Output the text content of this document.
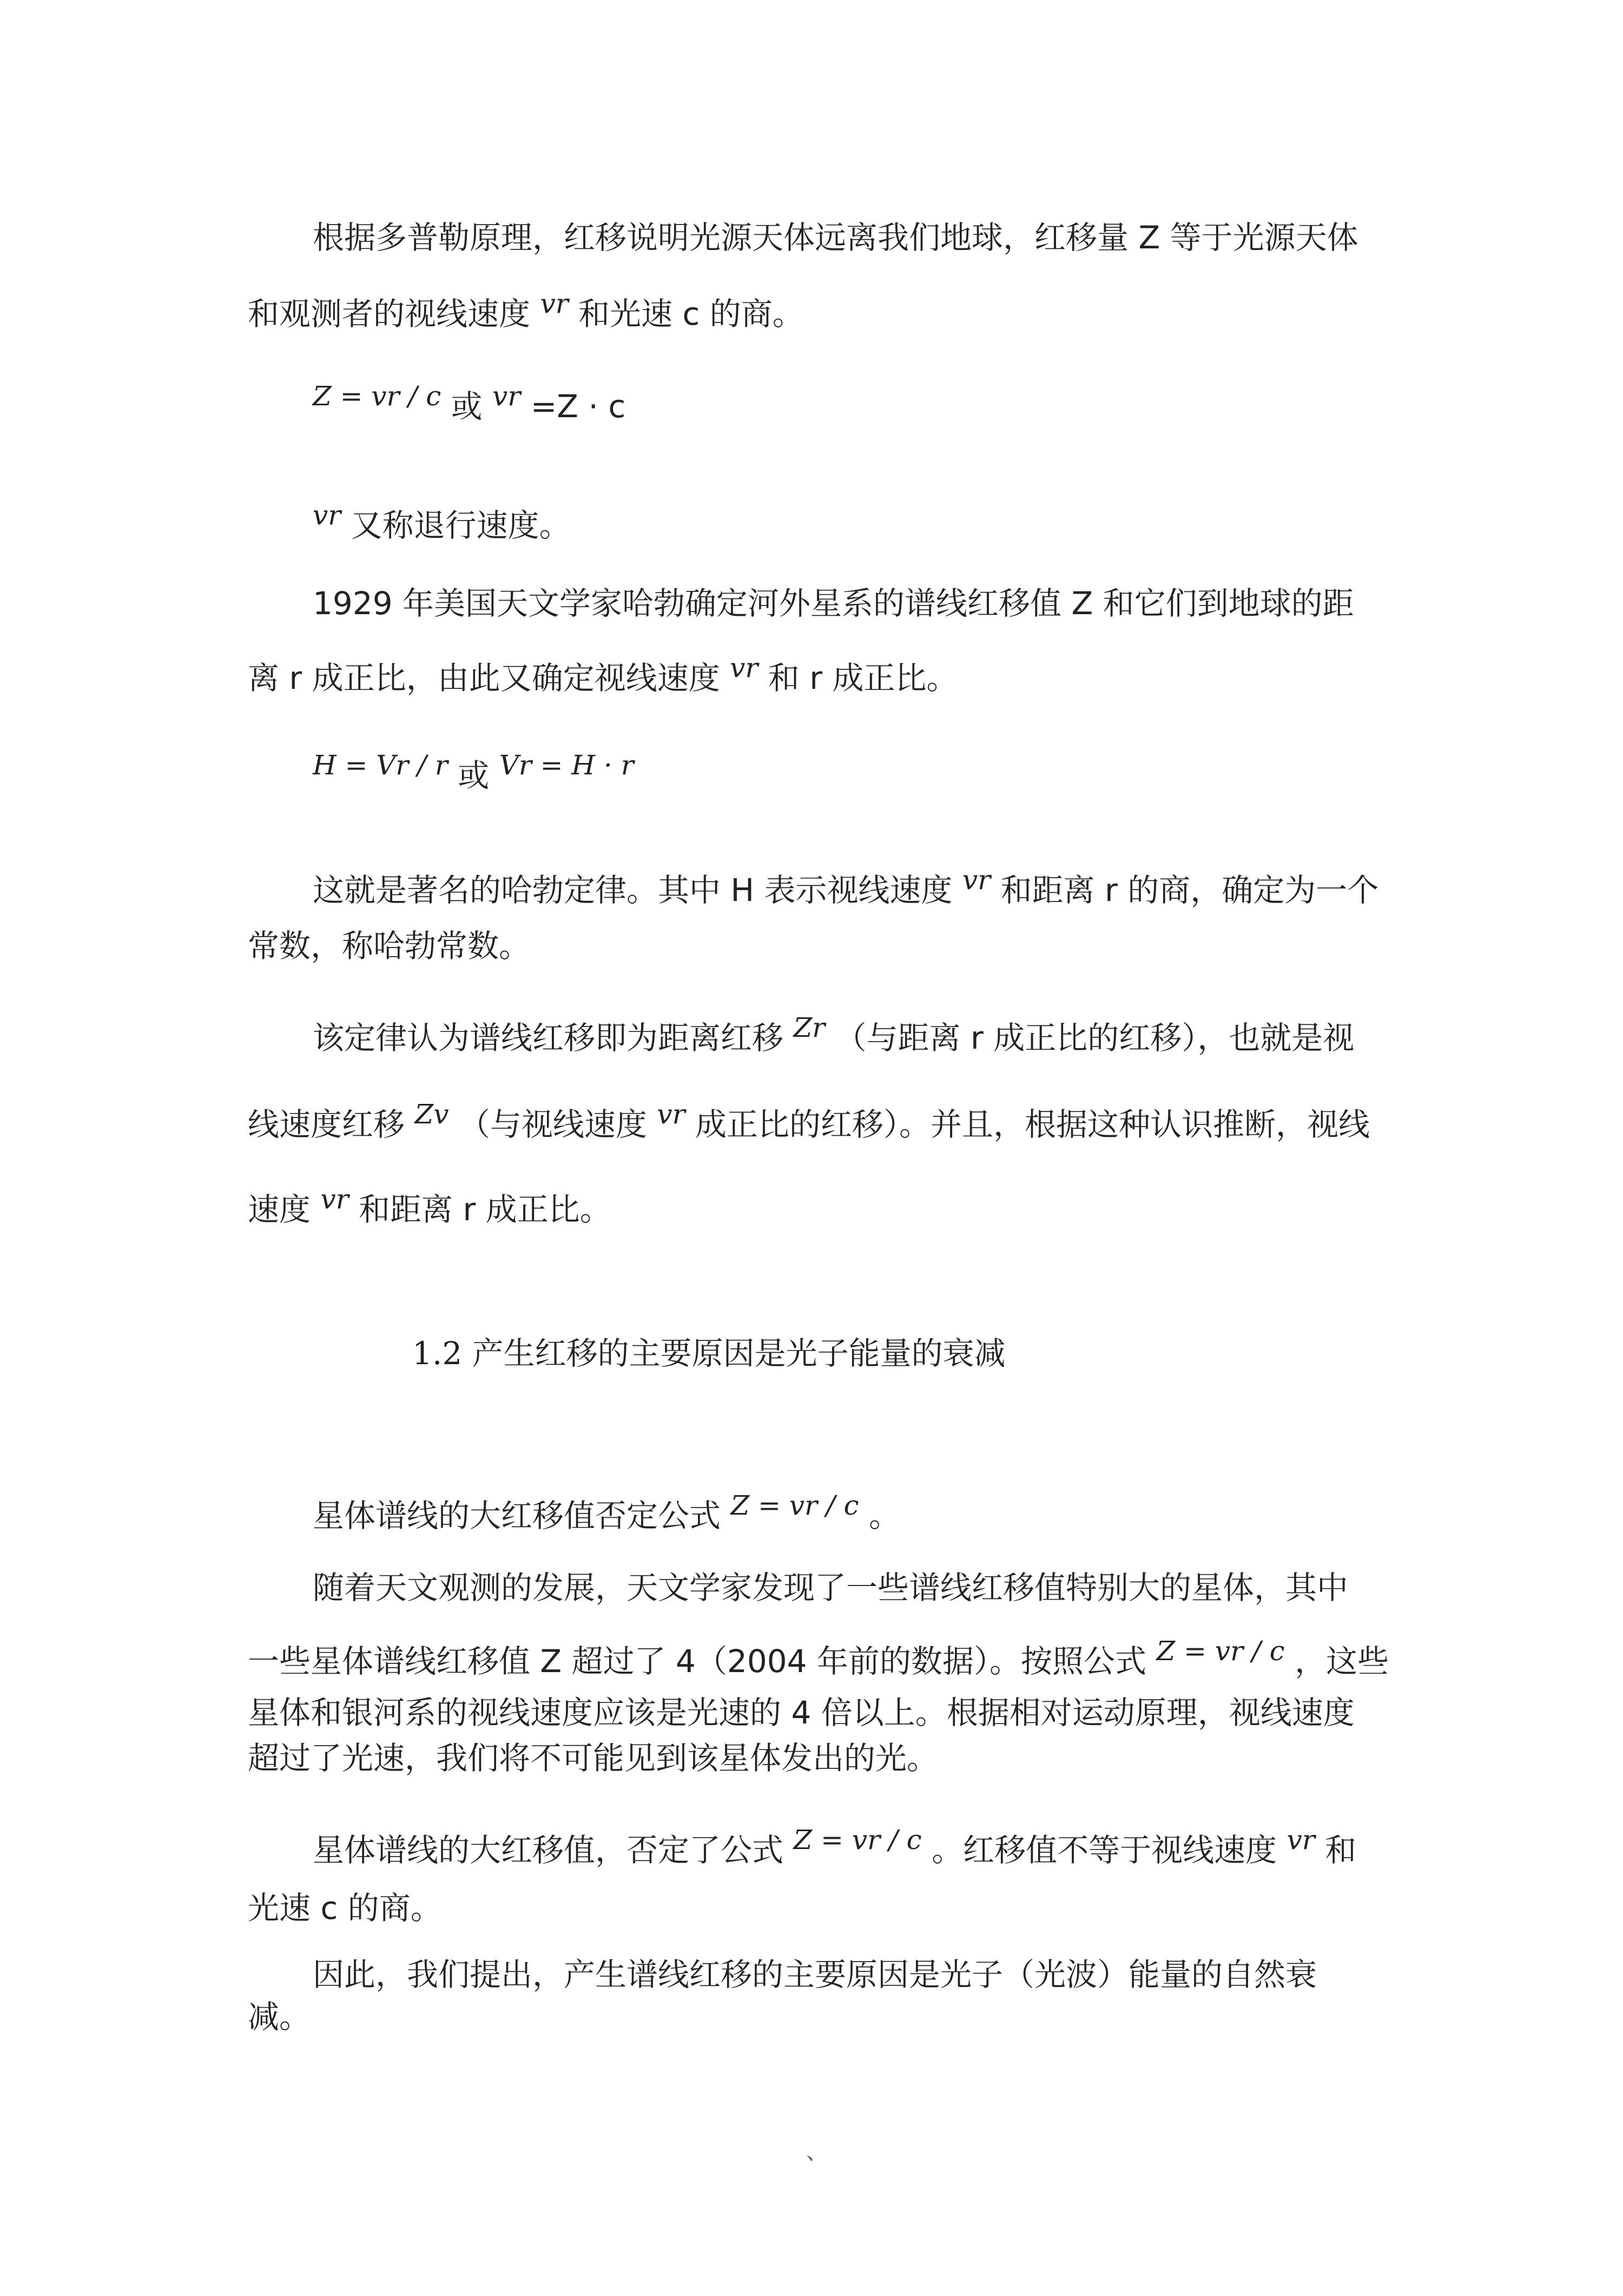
根据多普勒原理，红移说明光源天体远离我们地球，红移量 Z 等于光源天体
和观测者的视线速度 vr 和光速 c 的商。
Z = vr / c 或 vr =Z · c
vr 又称退行速度。
1929 年美国天文学家哈勃确定河外星系的谱线红移值 Z 和它们到地球的距
离 r 成正比，由此又确定视线速度 vr 和 r 成正比。
H = Vr / r 或 Vr = H · r
这就是著名的哈勃定律。其中 H 表示视线速度 vr 和距离 r 的商，确定为一个
常数，称哈勃常数。
该定律认为谱线红移即为距离红移 Zr （与距离 r 成正比的红移），也就是视
线速度红移 Zv （与视线速度 vr 成正比的红移）。并且，根据这种认识推断，视线
速度 vr 和距离 r 成正比。
1.2 产生红移的主要原因是光子能量的衰减
星体谱线的大红移值否定公式 Z = vr / c 。
随着天文观测的发展，天文学家发现了一些谱线红移值特别大的星体，其中
一些星体谱线红移值 Z 超过了 4（2004 年前的数据）。按照公式 Z = vr / c ，这些
星体和银河系的视线速度应该是光速的 4 倍以上。根据相对运动原理，视线速度
超过了光速，我们将不可能见到该星体发出的光。
星体谱线的大红移值，否定了公式 Z = vr / c 。红移值不等于视线速度 vr 和
光速 c 的商。
因此，我们提出，产生谱线红移的主要原因是光子（光波）能量的自然衰
减。
、
